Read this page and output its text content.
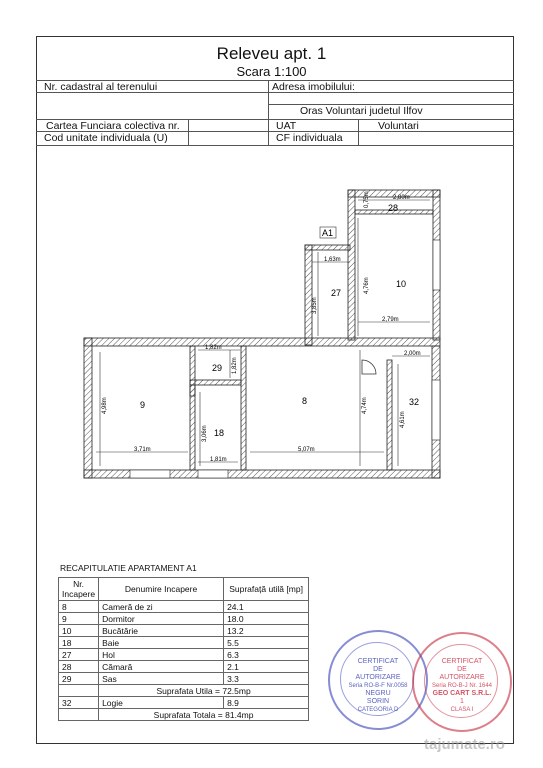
Releveu apt. 1
Scara 1:100
Nr. cadastral al terenului	Adresa imobilului:
Oras Voluntari judetul Ilfov
Cartea Funciara colectiva nr.	UAT	Voluntari
Cod unitate individuala (U)	CF individuala
A1
28
10
27
29
9	8
18
32
2,80m
0,75m
1,63m
4,76m
3,85m
2,79m
1,82m
1,82m
2,00m
4,98m
3,06m
4,74m
4,61m
3,71m
1,81m
5,07m
RECAPITULATIE APARTAMENT A1
Nr. Incapere	Denumire Incapere	Suprafață utilă [mp]
8	Cameră de zi	24.1
9	Dormitor	18.0
10	Bucătărie	13.2
18	Baie	5.5
27	Hol	6.3
28	Cămară	2.1
29	Sas	3.3
	Suprafata Utila = 72.5mp	
32	Logie	8.9
	Suprafata Totala = 81.4mp	
CERTIFICAT
DE
AUTORIZARE
Seria RO-B-F Nr.0058
NEGRU
SORIN
CATEGORIA D
CERTIFICAT
DE
AUTORIZARE
Seria RO-B-J Nr. 1644
GEO CART S.R.L.
1
CLASA I
tajumate.ro
